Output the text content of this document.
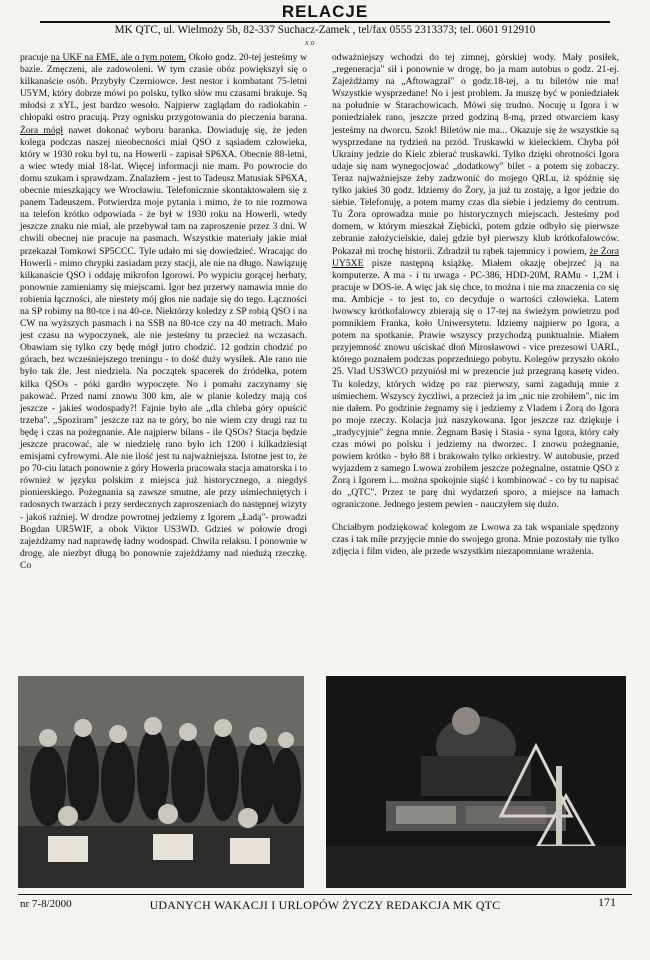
RELACJE
MK QTC, ul. Wielmoży 5b, 82-337 Suchacz-Zamek , tel/fax 0555 2313373; tel. 0601 912910
x o

pracuje na UKF na EME, ale o tym potem. Około godz. 20-tej jesteśmy w bazie. Zmęczeni, ale zadowoleni. W tym czasie obóz powiększył się o kilkanaście osób. Przybyły Czerniowce. Jest nestor i kombatant 75-letni U5YM, który dobrze mówi po polsku, tylko słów mu czasami brakuje. Są młodsi z xYL, jest bardzo wesoło. Najpierw zaglądam do radiokabin - chłopaki ostro pracują. Przy ognisku przygotowania do pieczenia barana. Żora mógł nawet dokonać wyboru baranka. Dowiaduję się, że jeden kolega podczas naszej nieobecności miał QSO z sąsiadem człowieka, który w 1930 roku był tu, na Howerli - zapisał SP6XA. Obecnie 88-letni, a wiec wtedy miał 18-lat. Więcej informacji nie mam. Po powrocie do domu szukam i sprawdzam. Znalazłem - jest to Tadeusz Matusiak SP6XA, obecnie mieszkający we Wrocławiu. Telefonicznie skontaktowałem się z panem Tadeuszem. Potwierdza moje pytania i mimo, że to nie rozmowa na telefon krótko odpowiada - że był w 1930 roku na Howerli, wtedy jeszcze znaku nie miał, ale przebywał tam na zaproszenie przez 3 dni. W chwili obecnej nie pracuje na pasmach. Wszystkie materiały jakie miał przekazał Tomkowi SP5CCC. Tyle udało mi się dowiedzieć. Wracając do Howerli - mimo chrypki zasiadam przy stacji, ale nie na długo. Nawiązuję kilkanaście QSO i oddaję mikrofon Igorowi. Po wypiciu gorącej herbaty, ponownie zamieniamy się miejscami. Igor bez przerwy namawia mnie do robienia łączności, ale niestety mój głos nie nadaje się do tego. Łączności na SP robimy na 80-tce i na 40-ce. Niektórzy koledzy z SP robią QSO i na CW na wyższych pasmach i na SSB na 80-tce czy na 40 metrach. Mało jest czasu na wypoczynek, ale nie jesteśmy tu przecież na wczasach. Obawiam się tylko czy będę mógł jutro chodzić. 12 godzin chodzić po górach, bez wcześniejszego treningu - to dość duży wysiłek. Ale rano nie było tak źle. Jest niedziela. Na początek spacerek do źródełka, potem kilka QSOs - póki gardło wypoczęte. No i pomału zaczynamy się pakować. Przed nami znowu 300 km, ale w planie koledzy mają coś jeszcze - jakieś wodospady?! Fajnie było ale „dla chleba góry opuścić trzeba". „Spoziram" jeszcze raz na te góry, bo nie wiem czy drugi raz tu będę i czas na pożegnanie. Ale najpierw bilans - ile QSOs? Stacja będzie jeszcze pracować, ale w niedzielę rano było ich 1200 i kilkadziesiąt emisjami cyfrowymi. Ale nie ilość jest tu najważniejsza. Istotne jest to, że po 70-ciu latach ponownie z góry Howerla pracowała stacja amatorska i to również w języku polskim z miejsca już historycznego, a niegdyś pionierskiego. Pożegnania są zawsze smutne, ale przy uśmiechniętych i radosnych twarzach i przy serdecznych zaproszeniach do następnej wizyty - jakoś raźniej. W drodze powrotnej jedziemy z Igorem „Ładą"- prowadzi Bogdan UR5WIF, a obok Viktor US3WD. Gdzieś w połowie drogi zajeżdżamy nad naprawdę ładny wodospad. Chwila relaksu. I ponownie w drogę, ale niezbyt długą bo ponownie zajeżdżamy nad niedużą rzeczkę. Co

odważniejszy wchodzi do tej zimnej, górskiej wody. Mały posiłek, „regeneracja" sił i ponownie w drogę, bo ja mam autobus o godz. 21-ej. Zajeżdżamy na „Aftowagzał" o godz.18-tej, a tu biletów nie ma! Wszystkie wysprzedane! No i jest problem. Ja muszę być w poniedziałek na południe w Starachowicach. Mówi się trudno. Nocuję u Igora i w poniedziałek rano, jeszcze przed godziną 8-mą, przed otwarciem kasy jesteśmy na dworcu. Szok! Biletów nie ma... Okazuje się że wszystkie są wysprzedane na tydzień na przód. Truskawki w kieleckiem. Chyba pół Ukrainy jedzie do Kielc zbierać truskawki. Tylko dzięki obrotności Igora udaje się nam wynegocjować „dodatkowy" bilet - a potem się zobaczy. Teraz najważniejsze żeby zadzwonić do mojego QRLu, iż spóźnię się tylko jakieś 30 godz. Idziemy do Żory, ja już tu zostaję, a Igor jedzie do siebie. Telefonuję, a potem mamy czas dla siebie i jedziemy do centrum. Tu Żora oprowadza mnie po historycznych miejscach. Jesteśmy pod domem, w którym mieszkał Ziębicki, potem gdzie odbyło się pierwsze zebranie założycielskie, dalej gdzie był pierwszy klub krótkofalowców. Pokazał mi trochę historii. Zdradził tu rąbek tajemnicy i powiem, że Żora UY5XE pisze następną książkę. Miałem okazję obejrzeć ją na komputerze. A ma - i tu uwaga - PC-386, HDD-20M, RAMu - 1,2M i pracuje w DOS-ie. A więc jak się chce, to można i nie ma znaczenia co się ma. Ambicje - to jest to, co decyduje o wartości człowieka. Latem lwowscy krótkofalowcy zbierają się o 17-tej na świeżym powietrzu pod pomnikiem Franka, koło Uniwersytetu. Idziemy najpierw po Igora, a potem na spotkanie. Prawie wszyscy przychodzą punktualnie. Miałem przyjemność znowu uściskać dłoń Mirosławowi - vice prezesowi UARL, którego poznałem podczas poprzedniego pobytu. Kolegów przyszło około 25. Vlad US3WCO przyniósł mi w prezencie już przegraną kasetę video. Tu koledzy, których widzę po raz pierwszy, sami zagadują mnie z uśmiechem. Wszyscy życzliwi, a przecież ja im „nic nie zrobiłem", nic im nie dałem. Po godzinie żegnamy się i jedziemy z Vladem i Żorą do Igora po moje rzeczy. Kolacja już naszykowana. Igor jeszcze raz dziękuje i „tradycyjnie" żegna mnie. Żegnam Basię i Stasia - syna Igora, który cały czas mówi po polsku i jedziemy na dworzec. I znowu pożegnanie, powiem krótko - było 88 i brakowało tylko orkiestry. W autobusie, przed wyjazdem z samego Lwowa zrobiłem jeszcze pożegnalne, ostatnie QSO z Żorą i Igorem i... można spokojnie siąść i kombinować - co by tu napisać do „QTC". Przez te parę dni wydarzeń sporo, a miejsce na łamach ograniczone. Jednego jestem pewien - nauczyłem się dużo.

Chciałbym podziękować kolegom ze Lwowa za tak wspaniale spędzony czas i tak miłe przyjęcie mnie do swojego grona. Mnie pozostały nie tylko zdjęcia i film video, ale przede wszystkim niezapomniane wrażenia.

nr 7-8/2000	UDANYCH WAKACJI I URLOPÓW ŻYCZY REDAKCJA MK QTC	171
